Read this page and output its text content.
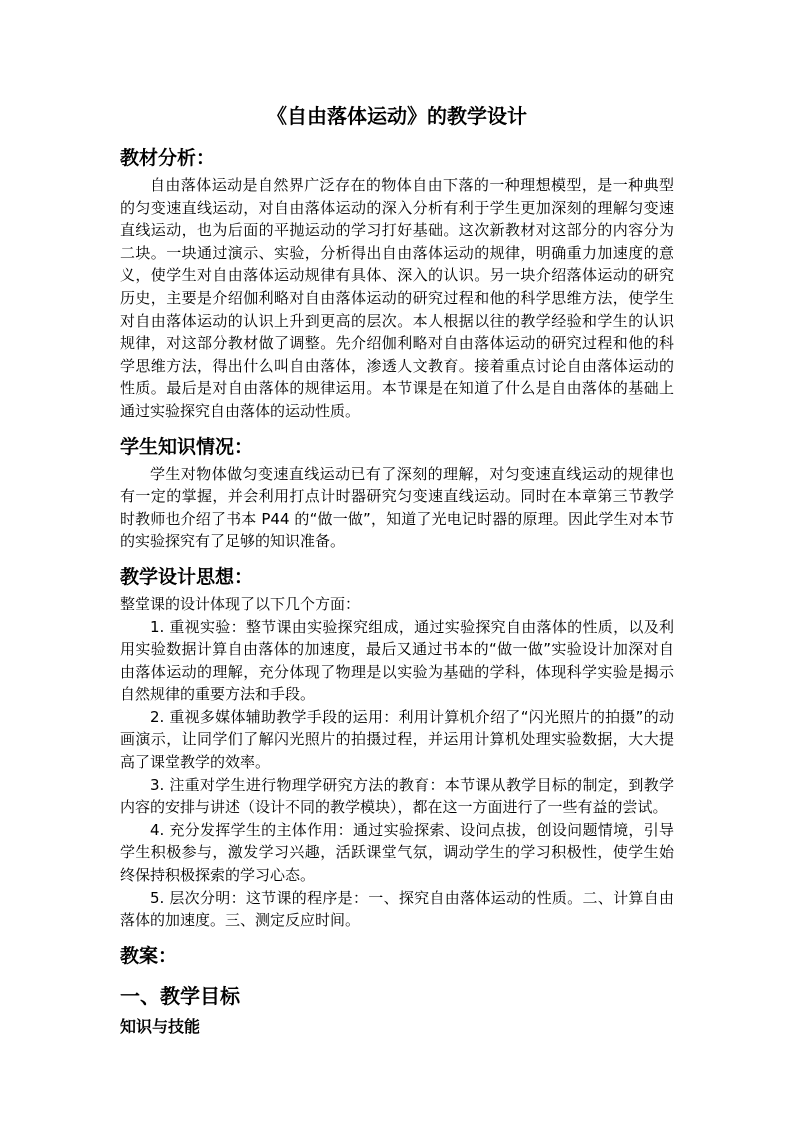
《自由落体运动》的教学设计
教材分析：

自由落体运动是自然界广泛存在的物体自由下落的一种理想模型，是一种典型的匀变速直线运动，对自由落体运动的深入分析有利于学生更加深刻的理解匀变速直线运动，也为后面的平抛运动的学习打好基础。这次新教材对这部分的内容分为二块。一块通过演示、实验，分析得出自由落体运动的规律，明确重力加速度的意义，使学生对自由落体运动规律有具体、深入的认识。另一块介绍落体运动的研究历史，主要是介绍伽利略对自由落体运动的研究过程和他的科学思维方法，使学生对自由落体运动的认识上升到更高的层次。本人根据以往的教学经验和学生的认识规律，对这部分教材做了调整。先介绍伽利略对自由落体运动的研究过程和他的科学思维方法，得出什么叫自由落体，渗透人文教育。接着重点讨论自由落体运动的性质。最后是对自由落体的规律运用。本节课是在知道了什么是自由落体的基础上通过实验探究自由落体的运动性质。

学生知识情况：

学生对物体做匀变速直线运动已有了深刻的理解，对匀变速直线运动的规律也有一定的掌握，并会利用打点计时器研究匀变速直线运动。同时在本章第三节教学时教师也介绍了书本 P44 的“做一做”，知道了光电记时器的原理。因此学生对本节的实验探究有了足够的知识准备。

教学设计思想：

整堂课的设计体现了以下几个方面：

1. 重视实验：整节课由实验探究组成，通过实验探究自由落体的性质，以及利用实验数据计算自由落体的加速度，最后又通过书本的“做一做”实验设计加深对自由落体运动的理解，充分体现了物理是以实验为基础的学科，体现科学实验是揭示自然规律的重要方法和手段。

2. 重视多媒体辅助教学手段的运用：利用计算机介绍了“闪光照片的拍摄”的动画演示，让同学们了解闪光照片的拍摄过程，并运用计算机处理实验数据，大大提高了课堂教学的效率。

3. 注重对学生进行物理学研究方法的教育：本节课从教学目标的制定，到教学内容的安排与讲述（设计不同的教学模块），都在这一方面进行了一些有益的尝试。

4. 充分发挥学生的主体作用：通过实验探索、设问点拔，创设问题情境，引导学生积极参与，激发学习兴趣，活跃课堂气氛，调动学生的学习积极性，使学生始终保持积极探索的学习心态。

5. 层次分明：这节课的程序是：一、探究自由落体运动的性质。二、计算自由落体的加速度。三、测定反应时间。

教案：
一、教学目标
知识与技能
